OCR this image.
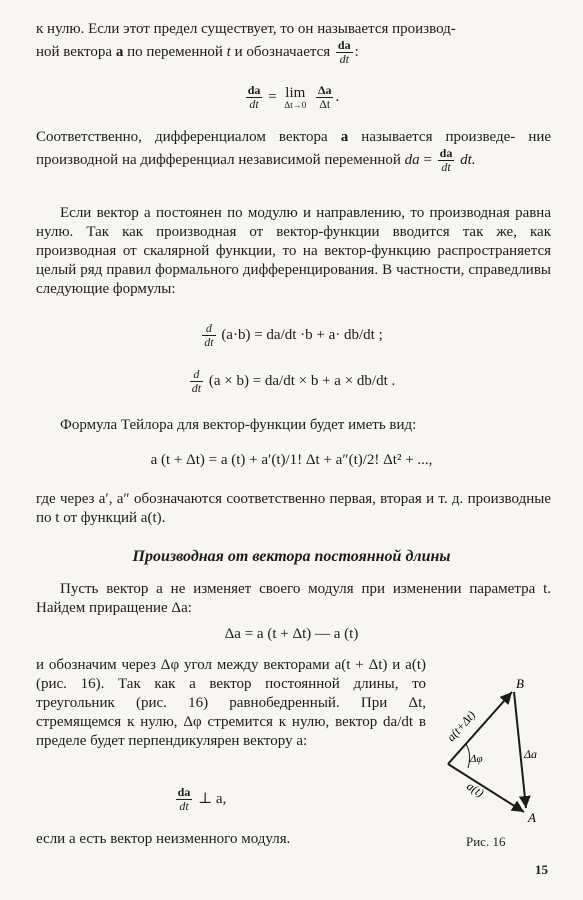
к нулю. Если этот предел существует, то он называется производ-
ной вектора a по переменной t и обозначается $\frac{da}{dt}$ :

$\frac{da}{dt} = \lim$
Δt→0
$\frac{\Delta a}{\Delta t}$ .

Соответственно, дифференциалом вектора a называется произведе- ние производной на дифференциал независимой переменной da = $\frac{da}{dt}$ dt.

Если вектор a постоянен по модулю и направлению, то производная равна нулю. Так как производная от вектор-функции вводится так же, как производная от скалярной функции, то на вектор-функцию распространяется целый ряд правил формального дифференцирования. В частности, справедливы следующие формулы:

$\frac{d}{dt} (a\cdot b) = da/dt \cdot b + a\cdot db/dt$ ;

$\frac{d}{dt} (a \times b) = da/dt \times b + a \times db/dt$ .

Формула Тейлора для вектор-функции будет иметь вид:

a (t + Δt) = a (t) + a′(t)/1! Δt + a″(t)/2! Δt² + ...,

где через a′, a″ обозначаются соответственно первая, вторая и т. д. производные по t от функций a(t).

Производная от вектора постоянной длины

Пусть вектор a не изменяет своего модуля при изменении параметра t. Найдем приращение Δa:

Δa = a (t + Δt) — a (t)

и обозначим через Δφ угол между векторами a(t + Δt) и a(t) (рис. 16). Так как a вектор постоянной длины, то треугольник (рис. 16) равнобедренный. При Δt, стремящемся к нулю, Δφ стремится к нулю, вектор da/dt в пределе будет перпендикулярен вектору a:

$\frac{da}{dt}$ ⊥ a,

если a есть вектор неизменного модуля.

B
A
a(t+Δt)
Δa
Δφ
a(t)

Рис. 16

15
